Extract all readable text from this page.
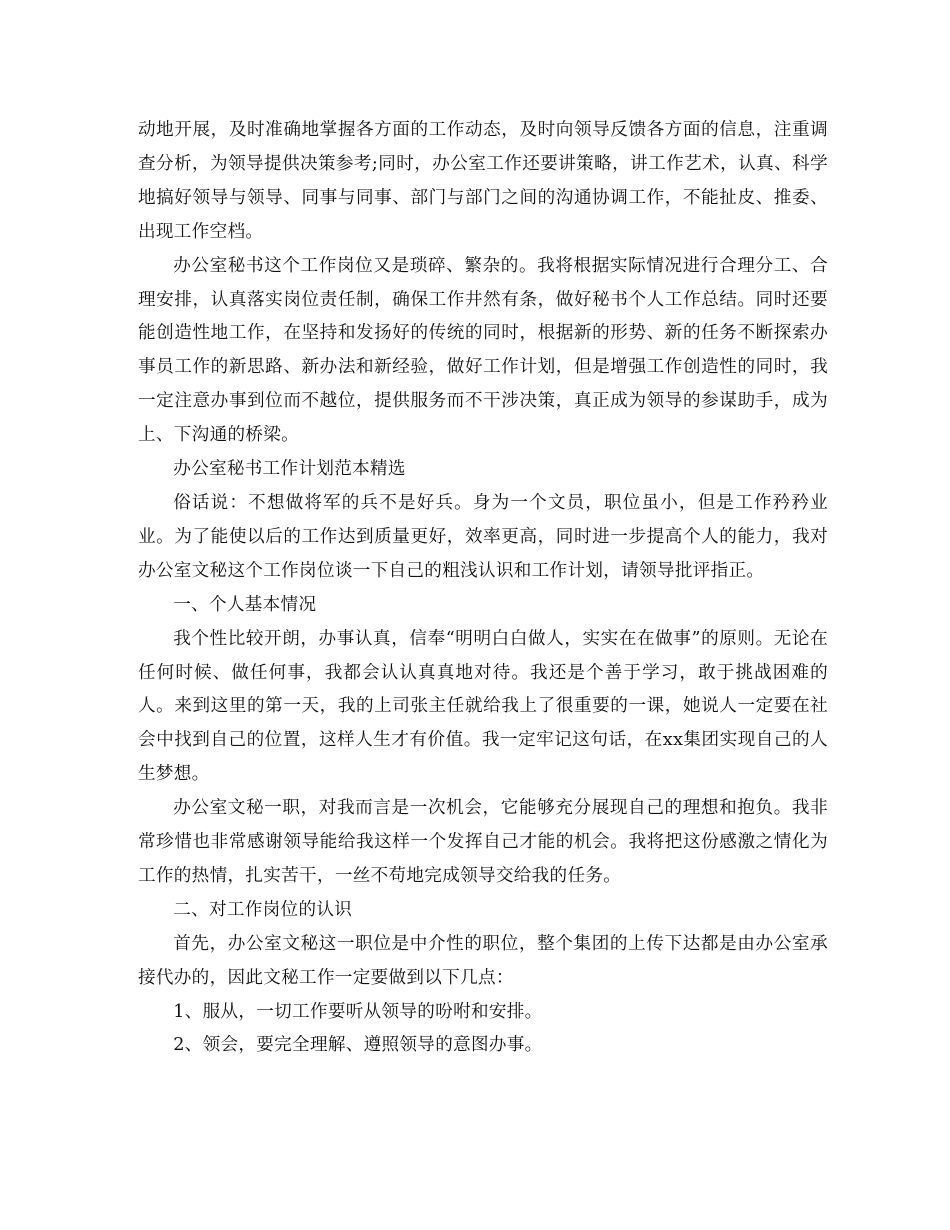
动地开展，及时准确地掌握各方面的工作动态，及时向领导反馈各方面的信息，注重调查分析，为领导提供决策参考;同时，办公室工作还要讲策略，讲工作艺术，认真、科学地搞好领导与领导、同事与同事、部门与部门之间的沟通协调工作，不能扯皮、推委、出现工作空档。

办公室秘书这个工作岗位又是琐碎、繁杂的。我将根据实际情况进行合理分工、合理安排，认真落实岗位责任制，确保工作井然有条，做好秘书个人工作总结。同时还要能创造性地工作，在坚持和发扬好的传统的同时，根据新的形势、新的任务不断探索办事员工作的新思路、新办法和新经验，做好工作计划，但是增强工作创造性的同时，我一定注意办事到位而不越位，提供服务而不干涉决策，真正成为领导的参谋助手，成为上、下沟通的桥梁。

办公室秘书工作计划范本精选

俗话说：不想做将军的兵不是好兵。身为一个文员，职位虽小，但是工作矜矜业业。为了能使以后的工作达到质量更好，效率更高，同时进一步提高个人的能力，我对办公室文秘这个工作岗位谈一下自己的粗浅认识和工作计划，请领导批评指正。

一、个人基本情况

我个性比较开朗，办事认真，信奉“明明白白做人，实实在在做事”的原则。无论在任何时候、做任何事，我都会认认真真地对待。我还是个善于学习，敢于挑战困难的人。来到这里的第一天，我的上司张主任就给我上了很重要的一课，她说人一定要在社会中找到自己的位置，这样人生才有价值。我一定牢记这句话，在xx集团实现自己的人生梦想。

办公室文秘一职，对我而言是一次机会，它能够充分展现自己的理想和抱负。我非常珍惜也非常感谢领导能给我这样一个发挥自己才能的机会。我将把这份感激之情化为工作的热情，扎实苦干，一丝不苟地完成领导交给我的任务。

二、对工作岗位的认识

首先，办公室文秘这一职位是中介性的职位，整个集团的上传下达都是由办公室承接代办的，因此文秘工作一定要做到以下几点：

1、服从，一切工作要听从领导的吩咐和安排。

2、领会，要完全理解、遵照领导的意图办事。
